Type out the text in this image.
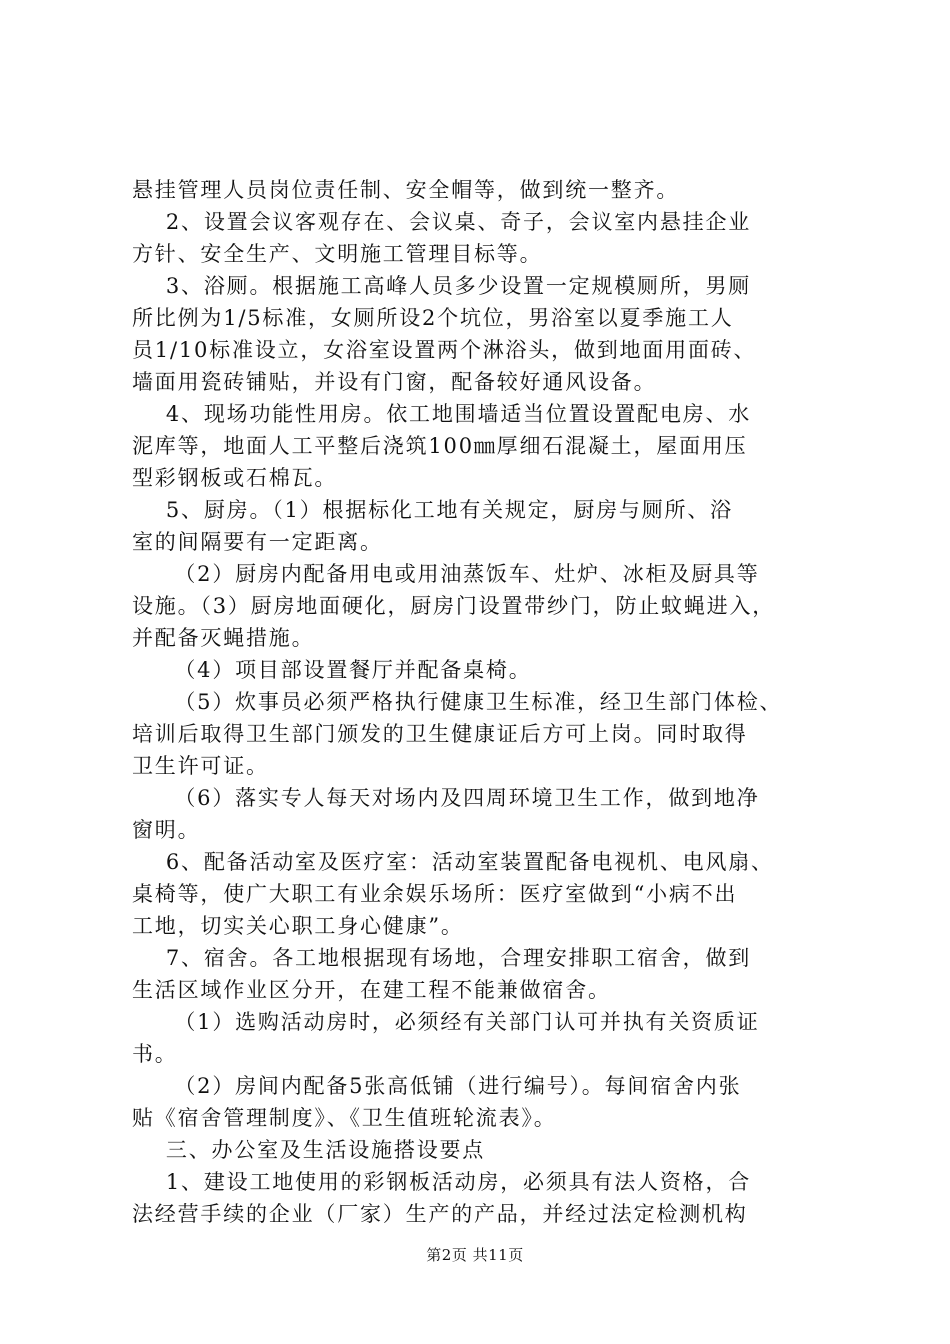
悬挂管理人员岗位责任制、安全帽等，做到统一整齐。
2、设置会议客观存在、会议桌、奇子，会议室内悬挂企业
方针、安全生产、文明施工管理目标等。
3、浴厕。根据施工高峰人员多少设置一定规模厕所，男厕
所比例为1/5标准，女厕所设2个坑位，男浴室以夏季施工人
员1/10标准设立，女浴室设置两个淋浴头，做到地面用面砖、
墙面用瓷砖铺贴，并设有门窗，配备较好通风设备。
4、现场功能性用房。依工地围墙适当位置设置配电房、水
泥库等，地面人工平整后浇筑100㎜厚细石混凝土，屋面用压
型彩钢板或石棉瓦。
5、厨房。（1）根据标化工地有关规定，厨房与厕所、浴
室的间隔要有一定距离。
（2）厨房内配备用电或用油蒸饭车、灶炉、冰柜及厨具等
设施。（3）厨房地面硬化，厨房门设置带纱门，防止蚊蝇进入，
并配备灭蝇措施。
（4）项目部设置餐厅并配备桌椅。
（5）炊事员必须严格执行健康卫生标准，经卫生部门体检、
培训后取得卫生部门颁发的卫生健康证后方可上岗。同时取得
卫生许可证。
（6）落实专人每天对场内及四周环境卫生工作，做到地净
窗明。
6、配备活动室及医疗室：活动室装置配备电视机、电风扇、
桌椅等，使广大职工有业余娱乐场所：医疗室做到“小病不出
工地，切实关心职工身心健康”。
7、宿舍。各工地根据现有场地，合理安排职工宿舍，做到
生活区域作业区分开，在建工程不能兼做宿舍。
（1）选购活动房时，必须经有关部门认可并执有关资质证
书。
（2）房间内配备5张高低铺（进行编号）。每间宿舍内张
贴《宿舍管理制度》、《卫生值班轮流表》。
三、办公室及生活设施搭设要点
1、建设工地使用的彩钢板活动房，必须具有法人资格，合
法经营手续的企业（厂家）生产的产品，并经过法定检测机构
第2页 共11页
